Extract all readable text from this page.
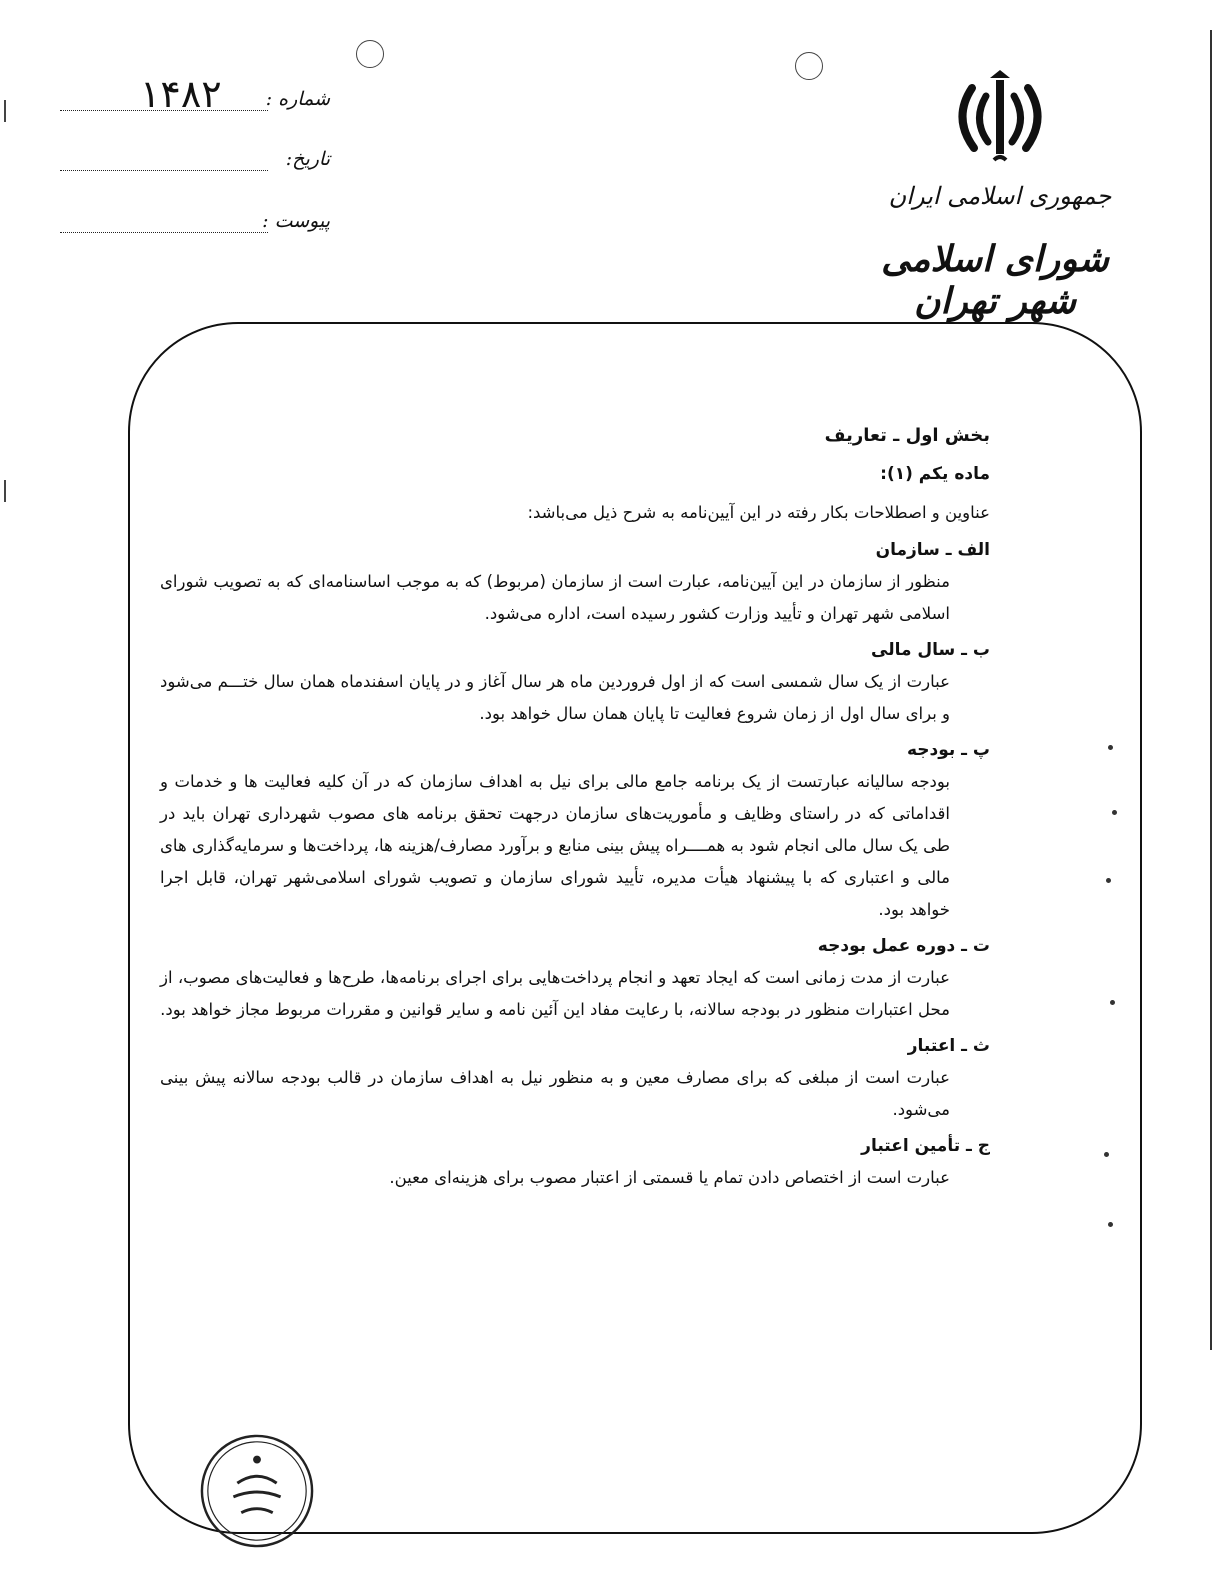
شماره :
۱۴۸۲
تاریخ:
پیوست :
جمهوری اسلامی ایران
شورای اسلامی شهر تهران

بخش اول ـ تعاریف

ماده یکم (۱):

عناوین و اصطلاحات بکار رفته در این آیین‌نامه به شرح ذیل می‌باشد:

الف ـ سازمان

منظور از سازمان در این آیین‌نامه، عبارت است از سازمان (مربوط) که به موجب اساسنامه‌ای که به تصویب شورای اسلامی شهر تهران و تأیید وزارت کشور رسیده است، اداره می‌شود.

ب ـ سال مالی

عبارت از یک سال شمسی است که از اول فروردین ماه هر سال آغاز و در پایان اسفندماه همان سال ختـــم می‌شود و برای سال اول از زمان شروع فعالیت تا پایان همان سال خواهد بود.

پ ـ بودجه

بودجه سالیانه عبارتست از یک برنامه جامع مالی برای نیل به اهداف سازمان که در آن کلیه فعالیت ها و خدمات و اقداماتی که در راستای وظایف و مأموریت‌های سازمان درجهت تحقق برنامه های مصوب شهرداری تهران باید در طی یک سال مالی انجام شود به همــــراه پیش بینی منابع و برآورد مصارف/هزینه ها، پرداخت‌ها و سرمایه‌گذاری های مالی و اعتباری که با پیشنهاد هیأت مدیره، تأیید شورای سازمان و تصویب شورای اسلامی‌شهر تهران، قابل اجرا خواهد بود.

ت ـ دوره عمل بودجه

عبارت از مدت زمانی است که ایجاد تعهد و انجام پرداخت‌هایی برای اجرای برنامه‌ها، طرح‌ها و فعالیت‌های مصوب، از محل اعتبارات منظور در بودجه سالانه، با رعایت مفاد این آئین نامه و سایر قوانین و مقررات مربوط مجاز خواهد بود.

ث ـ اعتبار

عبارت است از مبلغی که برای مصارف معین و به منظور نیل به اهداف سازمان در قالب بودجه سالانه پیش بینی می‌شود.

ج ـ تأمین اعتبار

عبارت است از اختصاص دادن تمام یا قسمتی از اعتبار مصوب برای هزینه‌ای معین.
